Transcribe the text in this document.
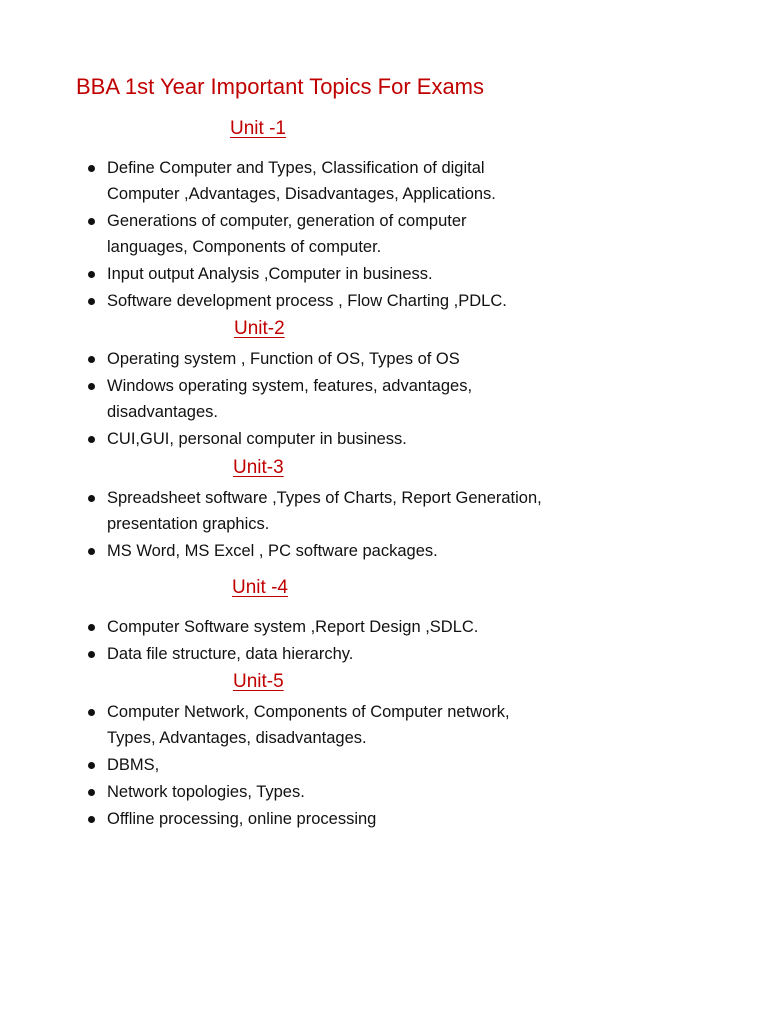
BBA 1st Year Important Topics For Exams
Unit -1
Define Computer and Types, Classification of digital Computer ,Advantages, Disadvantages, Applications.
Generations of computer, generation of computer languages, Components of computer.
Input output Analysis ,Computer in business.
Software development process , Flow Charting ,PDLC.
Unit-2
Operating system , Function of OS, Types of OS
Windows operating system, features, advantages, disadvantages.
CUI,GUI, personal computer in business.
Unit-3
Spreadsheet software ,Types of Charts, Report Generation, presentation graphics.
MS Word, MS Excel , PC software packages.
Unit -4
Computer Software system ,Report Design ,SDLC.
Data file structure, data hierarchy.
Unit-5
Computer Network, Components of Computer network, Types, Advantages, disadvantages.
DBMS,
Network topologies, Types.
Offline processing, online processing
